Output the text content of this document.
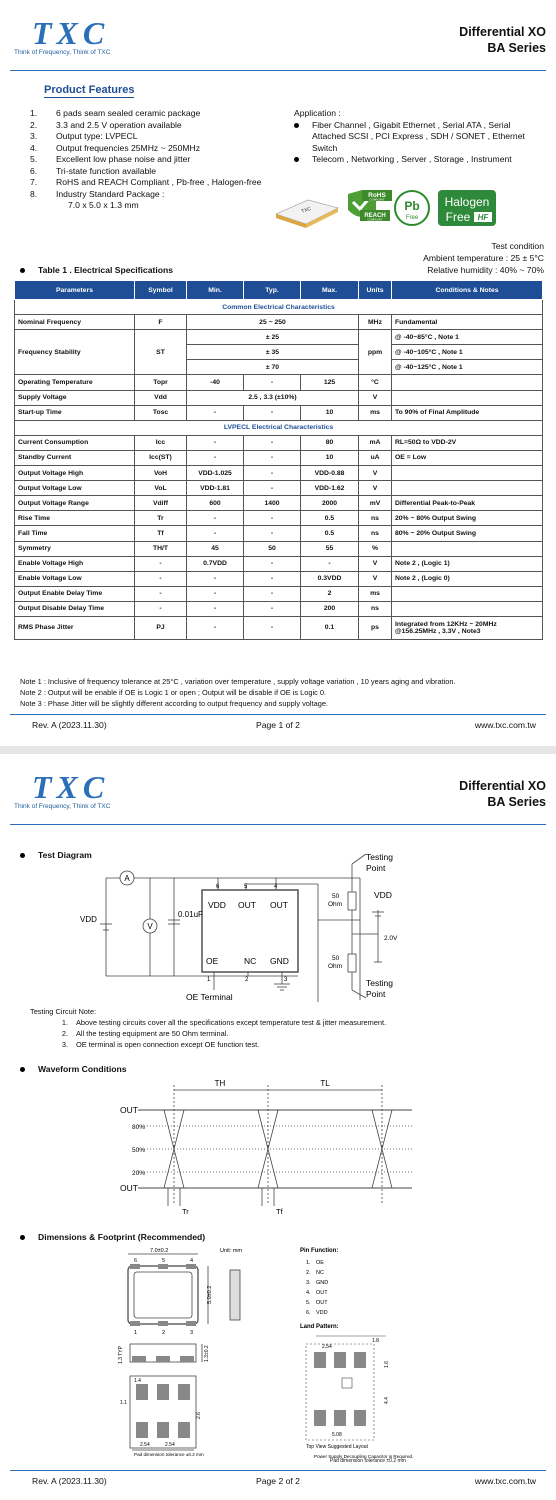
TXC
Think of Frequency, Think of TXC
Differential XO
BA Series
Product Features
1.	6 pads seam sealed ceramic package
2.	3.3 and 2.5 V operation available
3.	Output type: LVPECL
4.	Output frequencies 25MHz ~ 250MHz
5.	Excellent low phase noise and jitter
6.	Tri-state function available
7.	RoHS and REACH Compliant , Pb-free , Halogen-free
8.	Industry Standard Package :
7.0 x 5.0 x 1.3 mm
Application :
Fiber Channel , Gigabit Ethernet , Serial ATA , Serial
Attached SCSI , PCI Express , SDH / SONET , Ethernet
Switch
Telecom , Networking , Server , Storage , Instrument
TXC
RoHS
COMPLIANT
REACH
COMPLIANT
Pb
Free
Halogen
Free HF
Test condition
Ambient temperature : 25 ± 5°C
Relative humidity : 40% ~ 70%
Table 1 . Electrical Specifications
Parameters	Symbol	Min.	Typ.	Max.	Units	Conditions & Notes
Common Electrical Characteristics						
Nominal Frequency	F	25 ~ 250			MHz	Fundamental
Frequency Stability	ST	± 25			ppm	@ -40~85°C , Note 1
		± 35				@ -40~105°C , Note 1
		± 70				@ -40~125°C , Note 1
Operating Temperature	Topr	-40	-	125	°C	
Supply Voltage	Vdd	2.5 , 3.3 (±10%)			V	
Start-up Time	Tosc	-	-	10	ms	To 90% of Final Amplitude
LVPECL Electrical Characteristics						
Current Consumption	Icc	-	-	80	mA	RL=50Ω to VDD-2V
Standby Current	Icc(ST)	-	-	10	uA	OE = Low
Output Voltage High	VoH	VDD-1.025	-	VDD-0.88	V	
Output Voltage Low	VoL	VDD-1.81	-	VDD-1.62	V	
Output Voltage Range	Vdiff	600	1400	2000	mV	Differential Peak-to-Peak
Rise Time	Tr	-	-	0.5	ns	20% ~ 80% Output Swing
Fall Time	Tf	-	-	0.5	ns	80% ~ 20% Output Swing
Symmetry	TH/T	45	50	55	%	
Enable Voltage High	-	0.7VDD	-	-	V	Note 2 , (Logic 1)
Enable Voltage Low	-	-	-	0.3VDD	V	Note 2 , (Logic 0)
Output Enable Delay Time	-	-	-	2	ms	
Output Disable Delay Time	-	-	-	200	ns	
RMS Phase Jitter	PJ	-	-	0.1	ps	Integrated from 12KHz ~ 20MHz
@156.25MHz , 3.3V , Note3
Note 1 : Inclusive of frequency tolerance at 25°C , variation over temperature , supply voltage variation , 10 years aging and vibration.
Note 2 : Output will be enable if OE is Logic 1 or open ; Output will be disable if OE is Logic 0.
Note 3 : Phase Jitter will be slightly different according to output frequency and supply voltage.
Rev. A (2023.11.30)	Page 1 of 2	www.txc.com.tw
TXC
Think of Frequency, Think of TXC
Differential XO
BA Series
Test Diagram
A
V
VDD
0.01uF
6	5	4
VDD OUT OUT
OE	NC GND
1	2	3
50
Ohm
50
Ohm
VDD
2.0V
Testing
Point
Testing
Point
OE Terminal
Testing Circuit Note:
1.	Above testing circuits cover all the specifications except temperature test & jitter measurement.
2.	All the testing equipment are 50 Ohm terminal.
3.	OE terminal is open connection except OE function test.
Waveform Conditions
TH	TL
OUT
80%
50%
20%
OUT
Tr	Tf
Dimensions & Footprint (Recommended)
7.0±0.2	Unit: mm
5.0±0.2
6	5	4
1	2	3
1.3 TYP	1.3±0.2
1.4
1.1
2.6
2.54	2.54
Pad dimension tolerance ±0.2 mm
Pin Function:
1. OE
2. NC
3. GND
4. OUT
5. OUT
6. VDD
Land Pattern:
2.54
1.8
1.6
4.4
5.08
Top View Suggested Layout
Power Supply Decoupling Capacitor is Required.
Pad dimension tolerance ±0.2 mm
Rev. A (2023.11.30)	Page 2 of 2	www.txc.com.tw
